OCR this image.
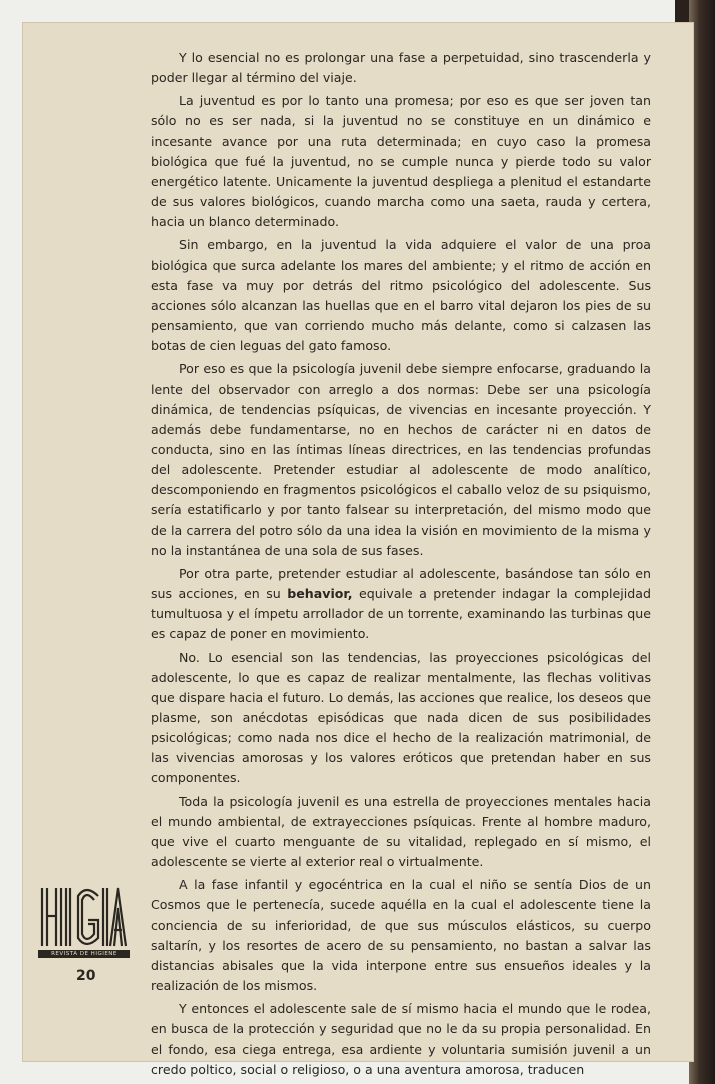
Y lo esencial no es prolongar una fase a perpetuidad, sino trascenderla y poder llegar al término del viaje.

La juventud es por lo tanto una promesa; por eso es que ser joven tan sólo no es ser nada, si la juventud no se constituye en un dinámico e incesante avance por una ruta determinada; en cuyo caso la promesa biológica que fué la juventud, no se cumple nunca y pierde todo su valor energético latente. Unicamente la juventud despliega a plenitud el estandarte de sus valores biológicos, cuando marcha como una saeta, rauda y certera, hacia un blanco determinado.

Sin embargo, en la juventud la vida adquiere el valor de una proa biológica que surca adelante los mares del ambiente; y el ritmo de acción en esta fase va muy por detrás del ritmo psicológico del adolescente. Sus acciones sólo alcanzan las huellas que en el barro vital dejaron los pies de su pensamiento, que van corriendo mucho más delante, como si calzasen las botas de cien leguas del gato famoso.

Por eso es que la psicología juvenil debe siempre enfocarse, graduando la lente del observador con arreglo a dos normas: Debe ser una psicología dinámica, de tendencias psíquicas, de vivencias en incesante proyección. Y además debe fundamentarse, no en hechos de carácter ni en datos de conducta, sino en las íntimas líneas directrices, en las tendencias profundas del adolescente. Pretender estudiar al adolescente de modo analítico, descomponiendo en fragmentos psicológicos el caballo veloz de su psiquismo, sería estatificarlo y por tanto falsear su interpretación, del mismo modo que de la carrera del potro sólo da una idea la visión en movimiento de la misma y no la instantánea de una sola de sus fases.

Por otra parte, pretender estudiar al adolescente, basándose tan sólo en sus acciones, en su behavior, equivale a pretender indagar la complejidad tumultuosa y el ímpetu arrollador de un torrente, examinando las turbinas que es capaz de poner en movimiento.

No. Lo esencial son las tendencias, las proyecciones psicológicas del adolescente, lo que es capaz de realizar mentalmente, las flechas volitivas que dispare hacia el futuro. Lo demás, las acciones que realice, los deseos que plasme, son anécdotas episódicas que nada dicen de sus posibilidades psicológicas; como nada nos dice el hecho de la realización matrimonial, de las vivencias amorosas y los valores eróticos que pretendan haber en sus componentes.

Toda la psicología juvenil es una estrella de proyecciones mentales hacia el mundo ambiental, de extrayecciones psíquicas. Frente al hombre maduro, que vive el cuarto menguante de su vitalidad, replegado en sí mismo, el adolescente se vierte al exterior real o virtualmente.

A la fase infantil y egocéntrica en la cual el niño se sentía Dios de un Cosmos que le pertenecía, sucede aquélla en la cual el adolescente tiene la conciencia de su inferioridad, de que sus músculos elásticos, su cuerpo saltarín, y los resortes de acero de su pensamiento, no bastan a salvar las distancias abisales que la vida interpone entre sus ensueños ideales y la realización de los mismos.

Y entonces el adolescente sale de sí mismo hacia el mundo que le rodea, en busca de la protección y seguridad que no le da su propia personalidad. En el fondo, esa ciega entrega, esa ardiente y voluntaria sumisión juvenil a un credo poltico, social o religioso, o a una aventura amorosa, traducen

REVISTA DE HIGIENE
20
